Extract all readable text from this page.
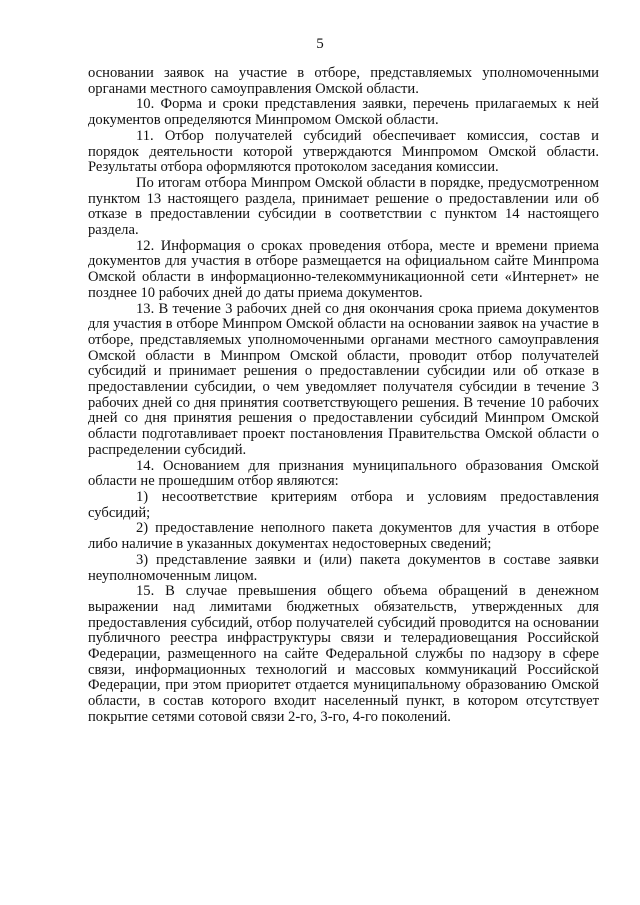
5

основании заявок на участие в отборе, представляемых уполномоченными органами местного самоуправления Омской области.

10. Форма и сроки представления заявки, перечень прилагаемых к ней документов определяются Минпромом Омской области.

11. Отбор получателей субсидий обеспечивает комиссия, состав и порядок деятельности которой утверждаются Минпромом Омской области. Результаты отбора оформляются протоколом заседания комиссии.

По итогам отбора Минпром Омской области в порядке, предусмотренном пунктом 13 настоящего раздела, принимает решение о предоставлении или об отказе в предоставлении субсидии в соответствии с пунктом 14 настоящего раздела.

12. Информация о сроках проведения отбора, месте и времени приема документов для участия в отборе размещается на официальном сайте Минпрома Омской области в информационно-телекоммуникационной сети «Интернет» не позднее 10 рабочих дней до даты приема документов.

13. В течение 3 рабочих дней со дня окончания срока приема документов для участия в отборе Минпром Омской области на основании заявок на участие в отборе, представляемых уполномоченными органами местного самоуправления Омской области в Минпром Омской области, проводит отбор получателей субсидий и принимает решения о предоставлении субсидии или об отказе в предоставлении субсидии, о чем уведомляет получателя субсидии в течение 3 рабочих дней со дня принятия соответствующего решения. В течение 10 рабочих дней со дня принятия решения о предоставлении субсидий Минпром Омской области подготавливает проект постановления Правительства Омской области о распределении субсидий.

14. Основанием для признания муниципального образования Омской области не прошедшим отбор являются:

1) несоответствие критериям отбора и условиям предоставления субсидий;

2) предоставление неполного пакета документов для участия в отборе либо наличие в указанных документах недостоверных сведений;

3) представление заявки и (или) пакета документов в составе заявки неуполномоченным лицом.

15. В случае превышения общего объема обращений в денежном выражении над лимитами бюджетных обязательств, утвержденных для предоставления субсидий, отбор получателей субсидий проводится на основании публичного реестра инфраструктуры связи и телерадиовещания Российской Федерации, размещенного на сайте Федеральной службы по надзору в сфере связи, информационных технологий и массовых коммуникаций Российской Федерации, при этом приоритет отдается муниципальному образованию Омской области, в состав которого входит населенный пункт, в котором отсутствует покрытие сетями сотовой связи 2-го, 3-го, 4-го поколений.
